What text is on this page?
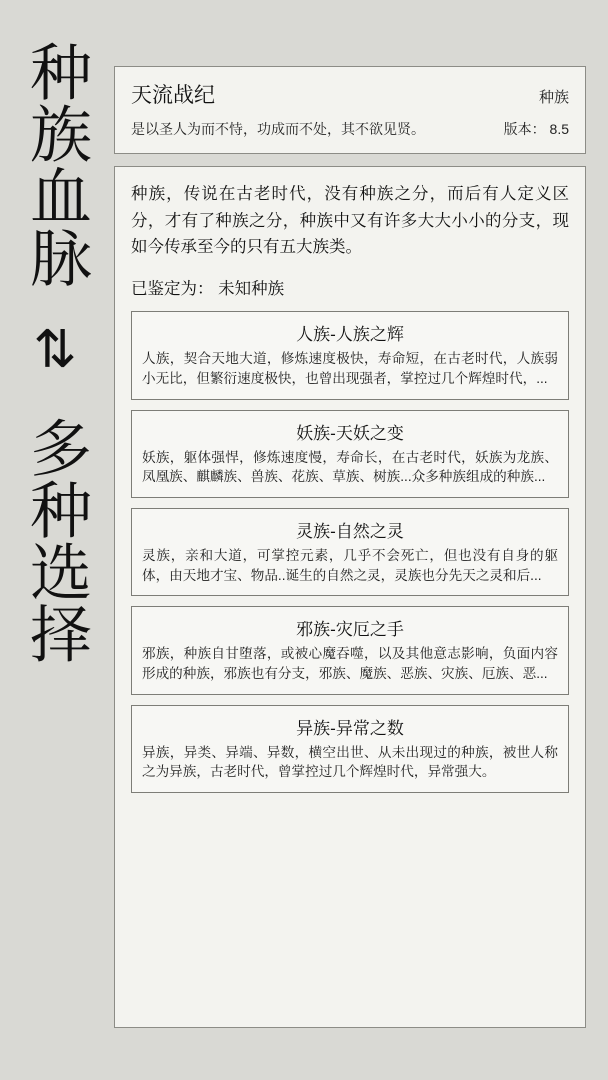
种族血脉
⇅
多种选择
天流战纪	种族
是以圣人为而不恃，功成而不处，其不欲见贤。	版本： 8.5
种族，传说在古老时代，没有种族之分，而后有人定义区分，才有了种族之分，种族中又有许多大大小小的分支，现如今传承至今的只有五大族类。
已鉴定为： 未知种族
人族-人族之辉
人族，契合天地大道，修炼速度极快，寿命短，在古老时代，人族弱小无比，但繁衍速度极快，也曾出现强者，掌控过几个辉煌时代，...
妖族-天妖之变
妖族，躯体强悍，修炼速度慢，寿命长，在古老时代，妖族为龙族、凤凰族、麒麟族、兽族、花族、草族、树族...众多种族组成的种族...
灵族-自然之灵
灵族，亲和大道，可掌控元素，几乎不会死亡，但也没有自身的躯体，由天地才宝、物品..诞生的自然之灵，灵族也分先天之灵和后...
邪族-灾厄之手
邪族，种族自甘堕落，或被心魔吞噬，以及其他意志影响，负面内容形成的种族，邪族也有分支，邪族、魔族、恶族、灾族、厄族、恶...
异族-异常之数
异族，异类、异端、异数，横空出世、从未出现过的种族，被世人称之为异族，古老时代，曾掌控过几个辉煌时代，异常强大。
